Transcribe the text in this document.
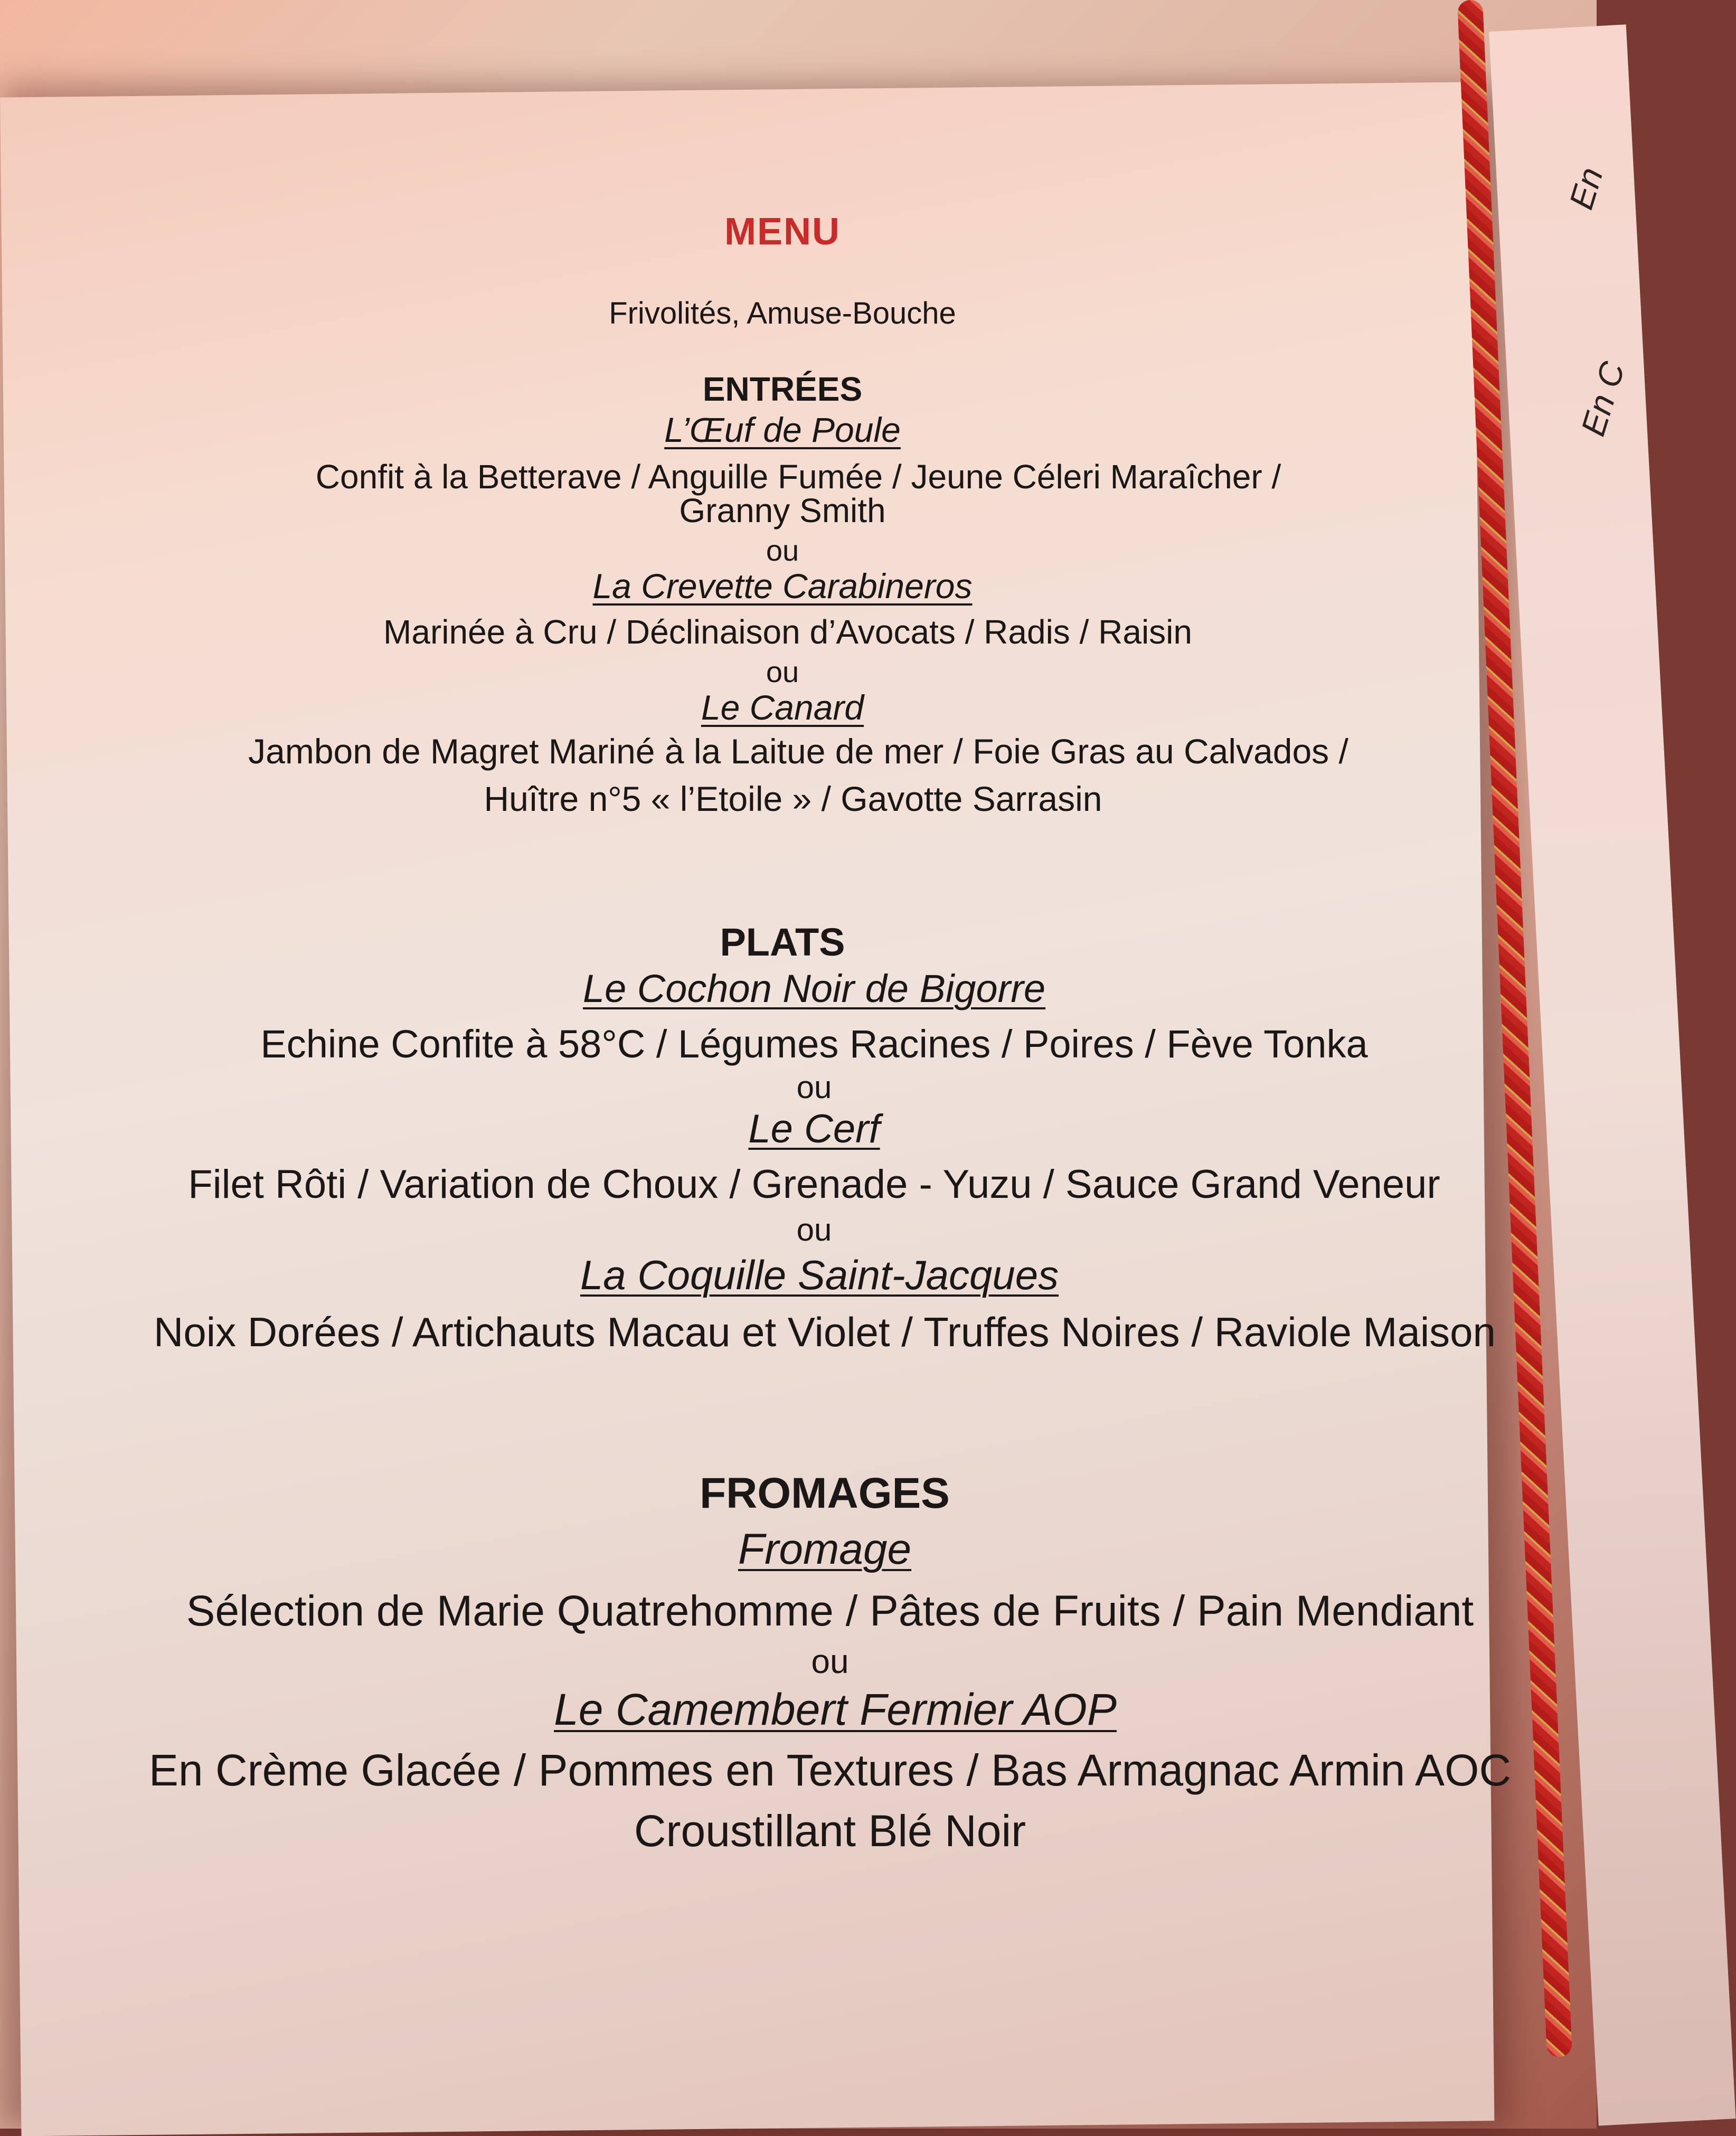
En
En C
MENU
Frivolités, Amuse-Bouche
ENTRÉES
L’Œuf de Poule
Confit à la Betterave / Anguille Fumée / Jeune Céleri Maraîcher /
Granny Smith
ou
La Crevette Carabineros
Marinée à Cru / Déclinaison d’Avocats / Radis / Raisin
ou
Le Canard
Jambon de Magret Mariné à la Laitue de mer / Foie Gras au Calvados /
Huître n°5 « l’Etoile » / Gavotte Sarrasin
PLATS
Le Cochon Noir de Bigorre
Echine Confite à 58°C / Légumes Racines / Poires / Fève Tonka
ou
Le Cerf
Filet Rôti / Variation de Choux / Grenade - Yuzu / Sauce Grand Veneur
ou
La Coquille Saint-Jacques
Noix Dorées / Artichauts Macau et Violet / Truffes Noires / Raviole Maison
FROMAGES
Fromage
Sélection de Marie Quatrehomme / Pâtes de Fruits / Pain Mendiant
ou
Le Camembert Fermier AOP
En Crème Glacée / Pommes en Textures / Bas Armagnac Armin AOC
Croustillant Blé Noir
